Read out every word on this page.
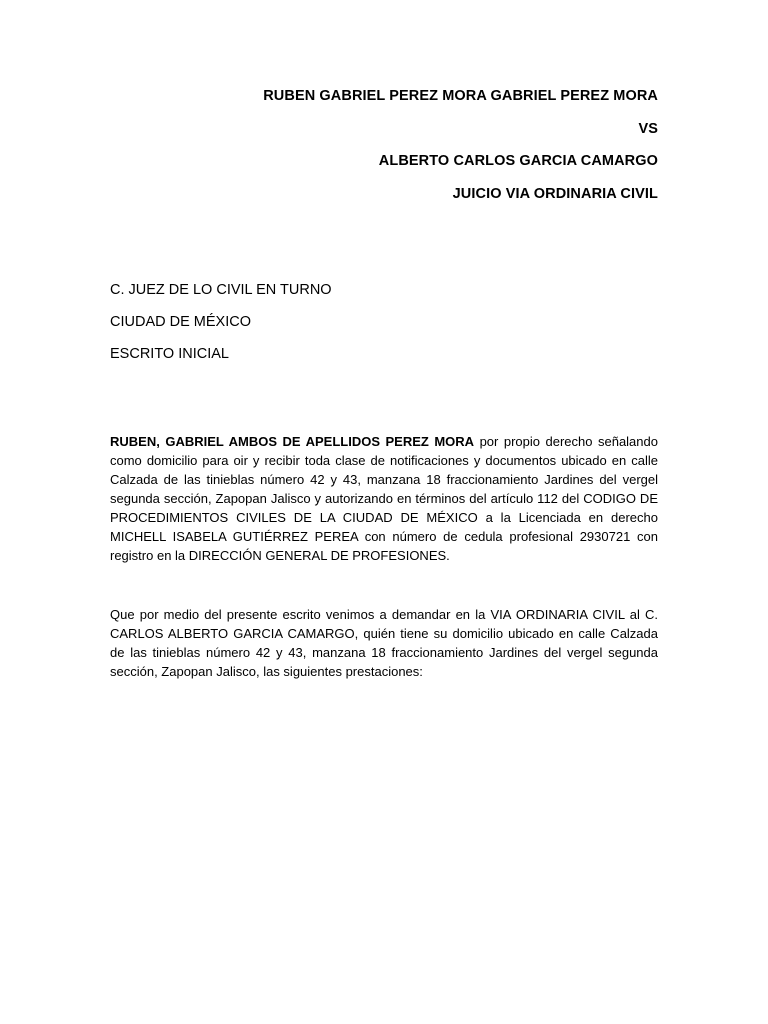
RUBEN GABRIEL PEREZ MORA GABRIEL PEREZ MORA
VS
ALBERTO CARLOS GARCIA CAMARGO
JUICIO VIA ORDINARIA CIVIL
C. JUEZ DE LO CIVIL EN TURNO
CIUDAD DE MÉXICO
ESCRITO INICIAL
RUBEN, GABRIEL AMBOS DE APELLIDOS PEREZ MORA por propio derecho señalando como domicilio para oir y recibir toda clase de notificaciones y documentos ubicado en calle Calzada de las tinieblas número 42 y 43, manzana 18 fraccionamiento Jardines del vergel segunda sección, Zapopan Jalisco y autorizando en términos del artículo 112 del CODIGO DE PROCEDIMIENTOS CIVILES DE LA CIUDAD DE MÉXICO a la Licenciada en derecho MICHELL ISABELA GUTIÉRREZ PEREA con número de cedula profesional 2930721 con registro en la DIRECCIÓN GENERAL DE PROFESIONES.
Que por medio del presente escrito venimos a demandar en la VIA ORDINARIA CIVIL al C. CARLOS ALBERTO GARCIA CAMARGO, quién tiene su domicilio ubicado en calle Calzada de las tinieblas número 42 y 43, manzana 18 fraccionamiento Jardines del vergel segunda sección, Zapopan Jalisco, las siguientes prestaciones:
